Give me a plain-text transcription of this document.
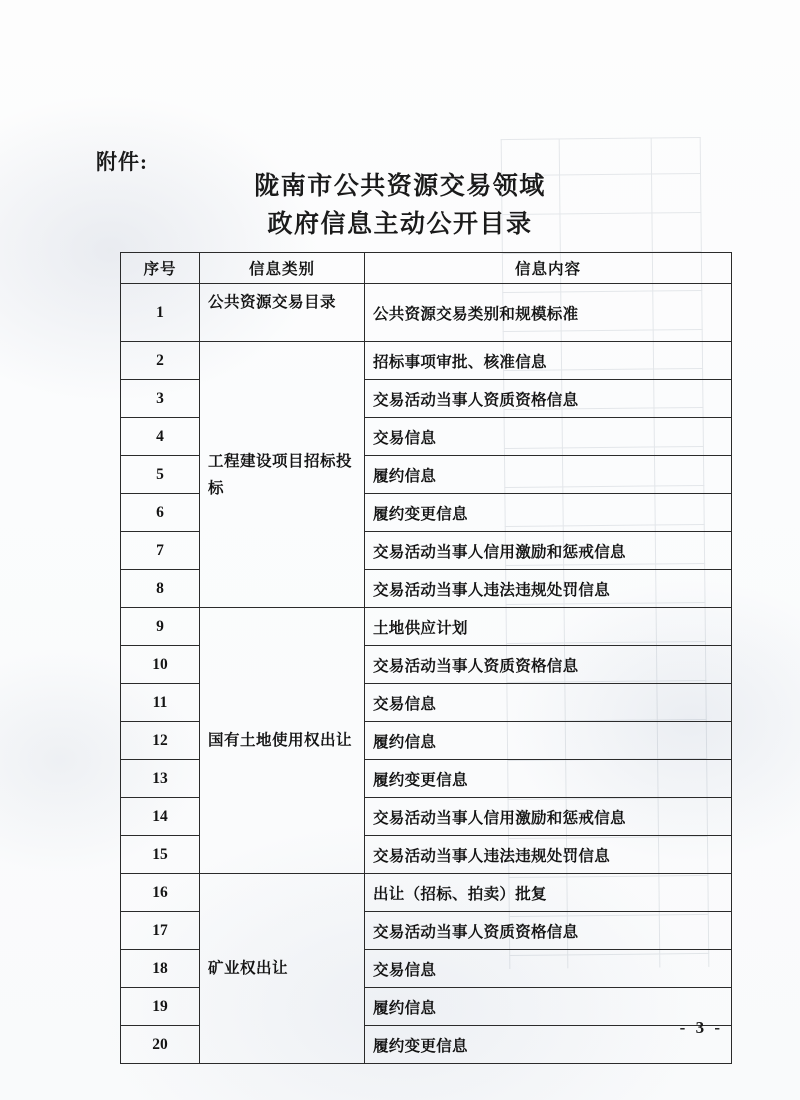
附件:
陇南市公共资源交易领域
政府信息主动公开目录
序号	信息类别	信息内容
1	公共资源交易目录	公共资源交易类别和规模标准
2	工程建设项目招标投标	招标事项审批、核准信息
3		交易活动当事人资质资格信息
4		交易信息
5		履约信息
6		履约变更信息
7		交易活动当事人信用激励和惩戒信息
8		交易活动当事人违法违规处罚信息
9	国有土地使用权出让	土地供应计划
10		交易活动当事人资质资格信息
11		交易信息
12		履约信息
13		履约变更信息
14		交易活动当事人信用激励和惩戒信息
15		交易活动当事人违法违规处罚信息
16	矿业权出让	出让（招标、拍卖）批复
17		交易活动当事人资质资格信息
18		交易信息
19		履约信息
20		履约变更信息
- 3 -
